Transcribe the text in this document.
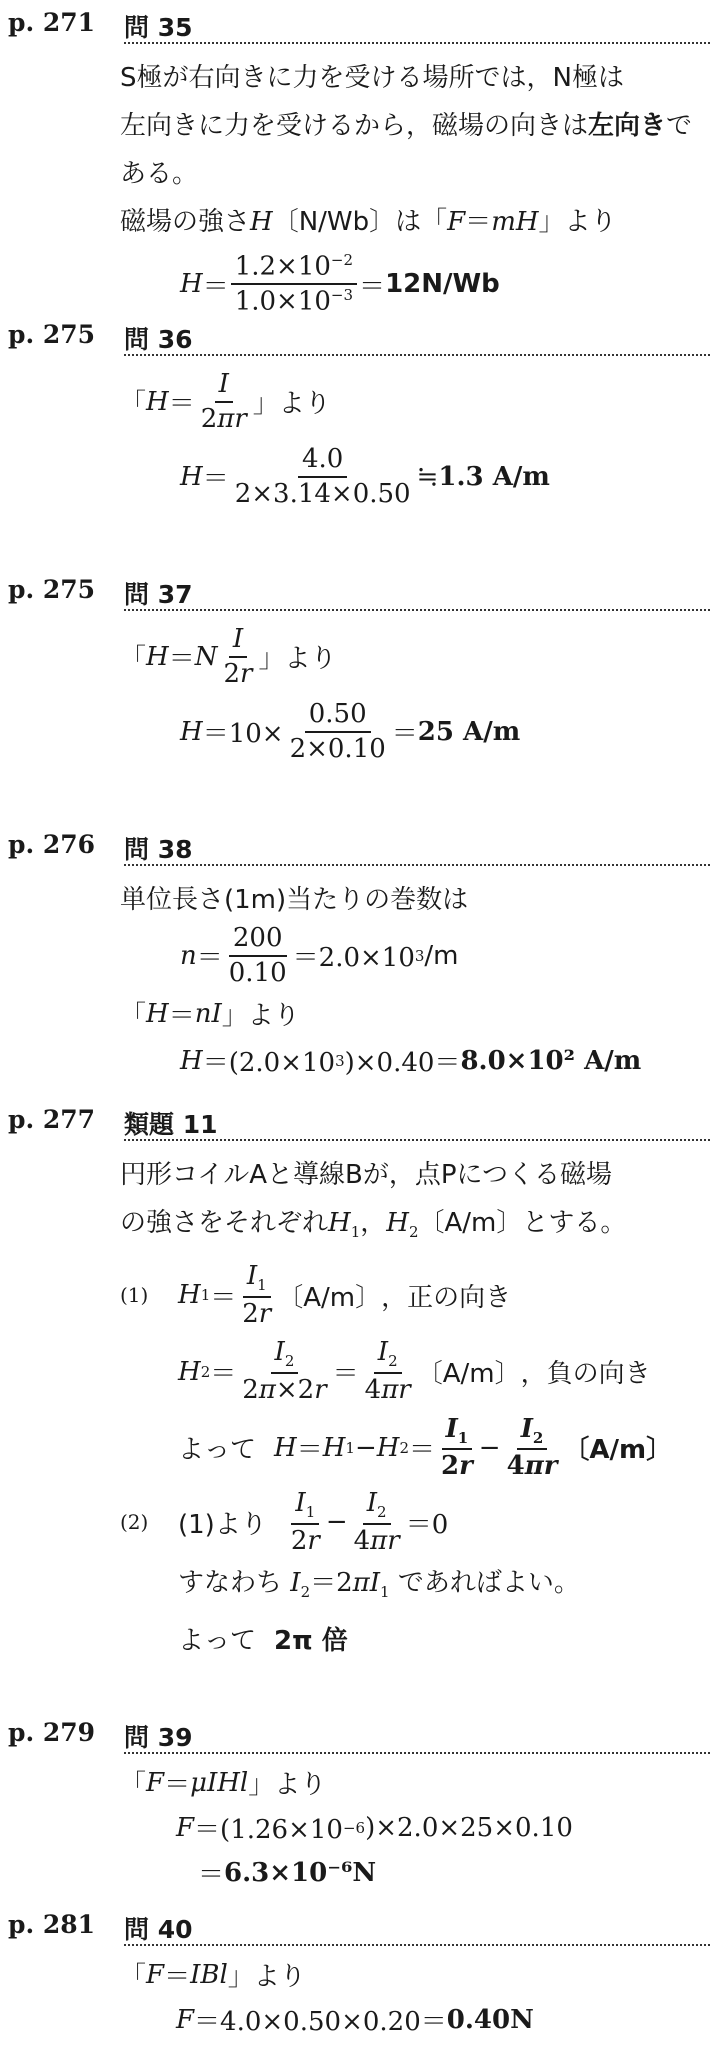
p. 271 問 35

S極が右向きに力を受ける場所では，N極は

左向きに力を受けるから，磁場の向きは左向きである。

磁場の強さH〔N/Wb〕は「F＝mH」より

$H = \frac{1.2\times 10^{-2}}{1.0\times 10^{-3}} = 12N/Wb$
p. 275 問 36
「 $H = \frac{I}{2\pi r}$ 」より
$H = \frac{4.0}{2\times 3.14\times 0.50}$ ≒ 1.3 A/m
p. 275 問 37
「 H ＝ N $\frac{I}{2r}$ 」より
$H =10\times \frac{0.50}{2\times 0.10} = 25$ A/m
p. 276 問 38

単位長さ(1m)当たりの巻数は

$n = \frac{200}{0.10} =2.0\times 10$ 3 /m
「 H ＝ nI 」より
H ＝(2.0×10 3 )×0.40＝ 8.0×10² A/m
p. 277 類題 11

円形コイルAと導線Bが，点Pにつくる磁場

の強さをそれぞれ$H_1$，$H_2$〔A/m〕とする。

(1)	H $1 = \frac{I_1}{2r}$ 〔A/m〕 ，正の向き
H $2 = \frac{I_2}{2\pi\times 2r} = \frac{I_2}{4\pi r}$ 〔A/m〕 ，負の向き
よって H ＝ H 1 − H $2 = \frac{I_1}{2r} - \frac{I_2}{4\pi r}$ 〔A/m〕
(2)	(1)より $\frac{I_1}{2r} - \frac{I_2}{4\pi r} =0$

すなわち $I_2=2\pi I_1$ であればよい。

よって 2π 倍

p. 279 問 39
「 F ＝ μIHl 」より
F ＝(1.26×10 −6 )×2.0×25×0.10
＝ 6.3×10⁻⁶N
p. 281 問 40
「 F ＝ IBl 」より
F ＝4.0×0.50×0.20＝ 0.40N
